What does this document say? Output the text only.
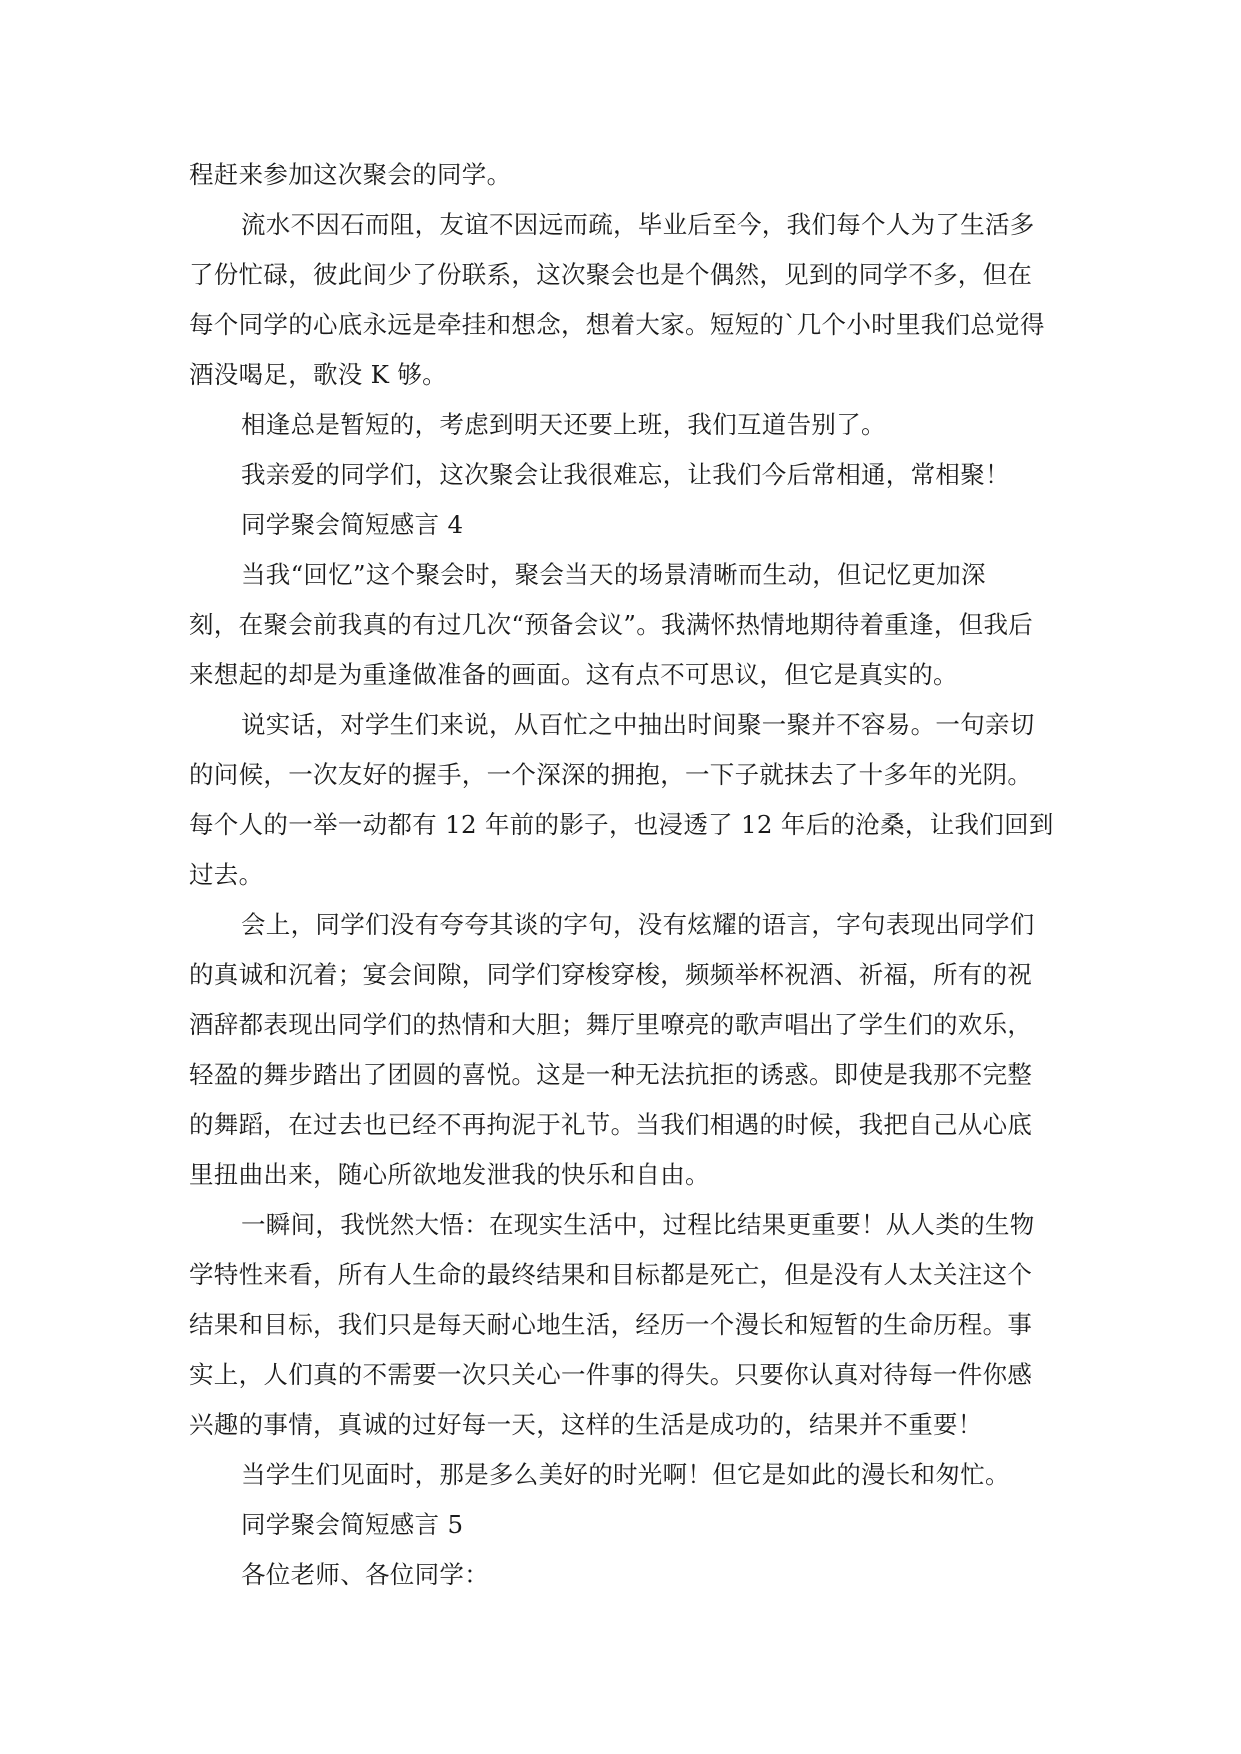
程赶来参加这次聚会的同学。
流水不因石而阻，友谊不因远而疏，毕业后至今，我们每个人为了生活多
了份忙碌，彼此间少了份联系，这次聚会也是个偶然，见到的同学不多，但在
每个同学的心底永远是牵挂和想念，想着大家。短短的`几个小时里我们总觉得
酒没喝足，歌没 K 够。
相逢总是暂短的，考虑到明天还要上班，我们互道告别了。
我亲爱的同学们，这次聚会让我很难忘，让我们今后常相通，常相聚！
同学聚会简短感言 4
当我“回忆”这个聚会时，聚会当天的场景清晰而生动，但记忆更加深
刻，在聚会前我真的有过几次“预备会议”。我满怀热情地期待着重逢，但我后
来想起的却是为重逢做准备的画面。这有点不可思议，但它是真实的。
说实话，对学生们来说，从百忙之中抽出时间聚一聚并不容易。一句亲切
的问候，一次友好的握手，一个深深的拥抱，一下子就抹去了十多年的光阴。
每个人的一举一动都有 12 年前的影子，也浸透了 12 年后的沧桑，让我们回到
过去。
会上，同学们没有夸夸其谈的字句，没有炫耀的语言，字句表现出同学们
的真诚和沉着；宴会间隙，同学们穿梭穿梭，频频举杯祝酒、祈福，所有的祝
酒辞都表现出同学们的热情和大胆；舞厅里嘹亮的歌声唱出了学生们的欢乐，
轻盈的舞步踏出了团圆的喜悦。这是一种无法抗拒的诱惑。即使是我那不完整
的舞蹈，在过去也已经不再拘泥于礼节。当我们相遇的时候，我把自己从心底
里扭曲出来，随心所欲地发泄我的快乐和自由。
一瞬间，我恍然大悟：在现实生活中，过程比结果更重要！从人类的生物
学特性来看，所有人生命的最终结果和目标都是死亡，但是没有人太关注这个
结果和目标，我们只是每天耐心地生活，经历一个漫长和短暂的生命历程。事
实上，人们真的不需要一次只关心一件事的得失。只要你认真对待每一件你感
兴趣的事情，真诚的过好每一天，这样的生活是成功的，结果并不重要！
当学生们见面时，那是多么美好的时光啊！但它是如此的漫长和匆忙。
同学聚会简短感言 5
各位老师、各位同学：
